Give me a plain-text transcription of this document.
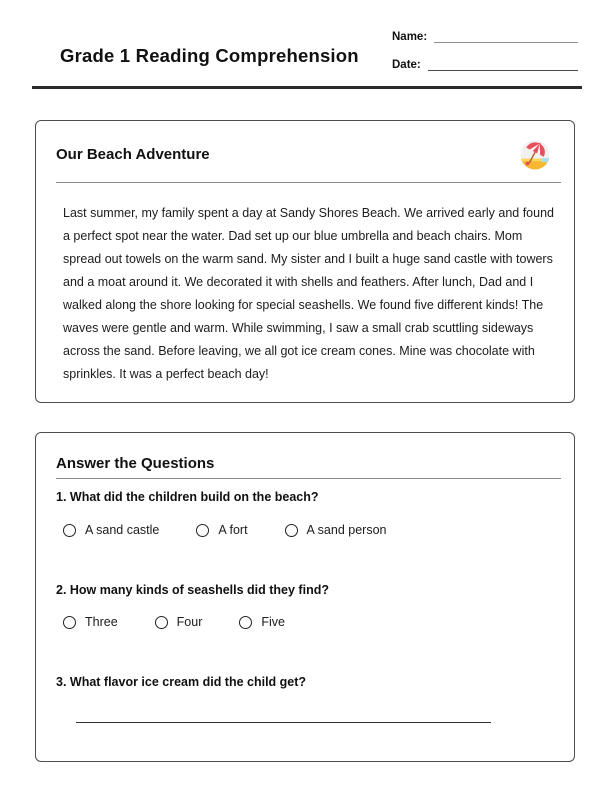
Grade 1 Reading Comprehension
Name:
Date:
Our Beach Adventure

Last summer, my family spent a day at Sandy Shores Beach. We arrived early and found a perfect spot near the water. Dad set up our blue umbrella and beach chairs. Mom spread out towels on the warm sand. My sister and I built a huge sand castle with towers and a moat around it. We decorated it with shells and feathers. After lunch, Dad and I walked along the shore looking for special seashells. We found five different kinds! The waves were gentle and warm. While swimming, I saw a small crab scuttling sideways across the sand. Before leaving, we all got ice cream cones. Mine was chocolate with sprinkles. It was a perfect beach day!

Answer the Questions
1. What did the children build on the beach?
A sand castle	A fort	A sand person
2. How many kinds of seashells did they find?
Three	Four	Five
3. What flavor ice cream did the child get?
